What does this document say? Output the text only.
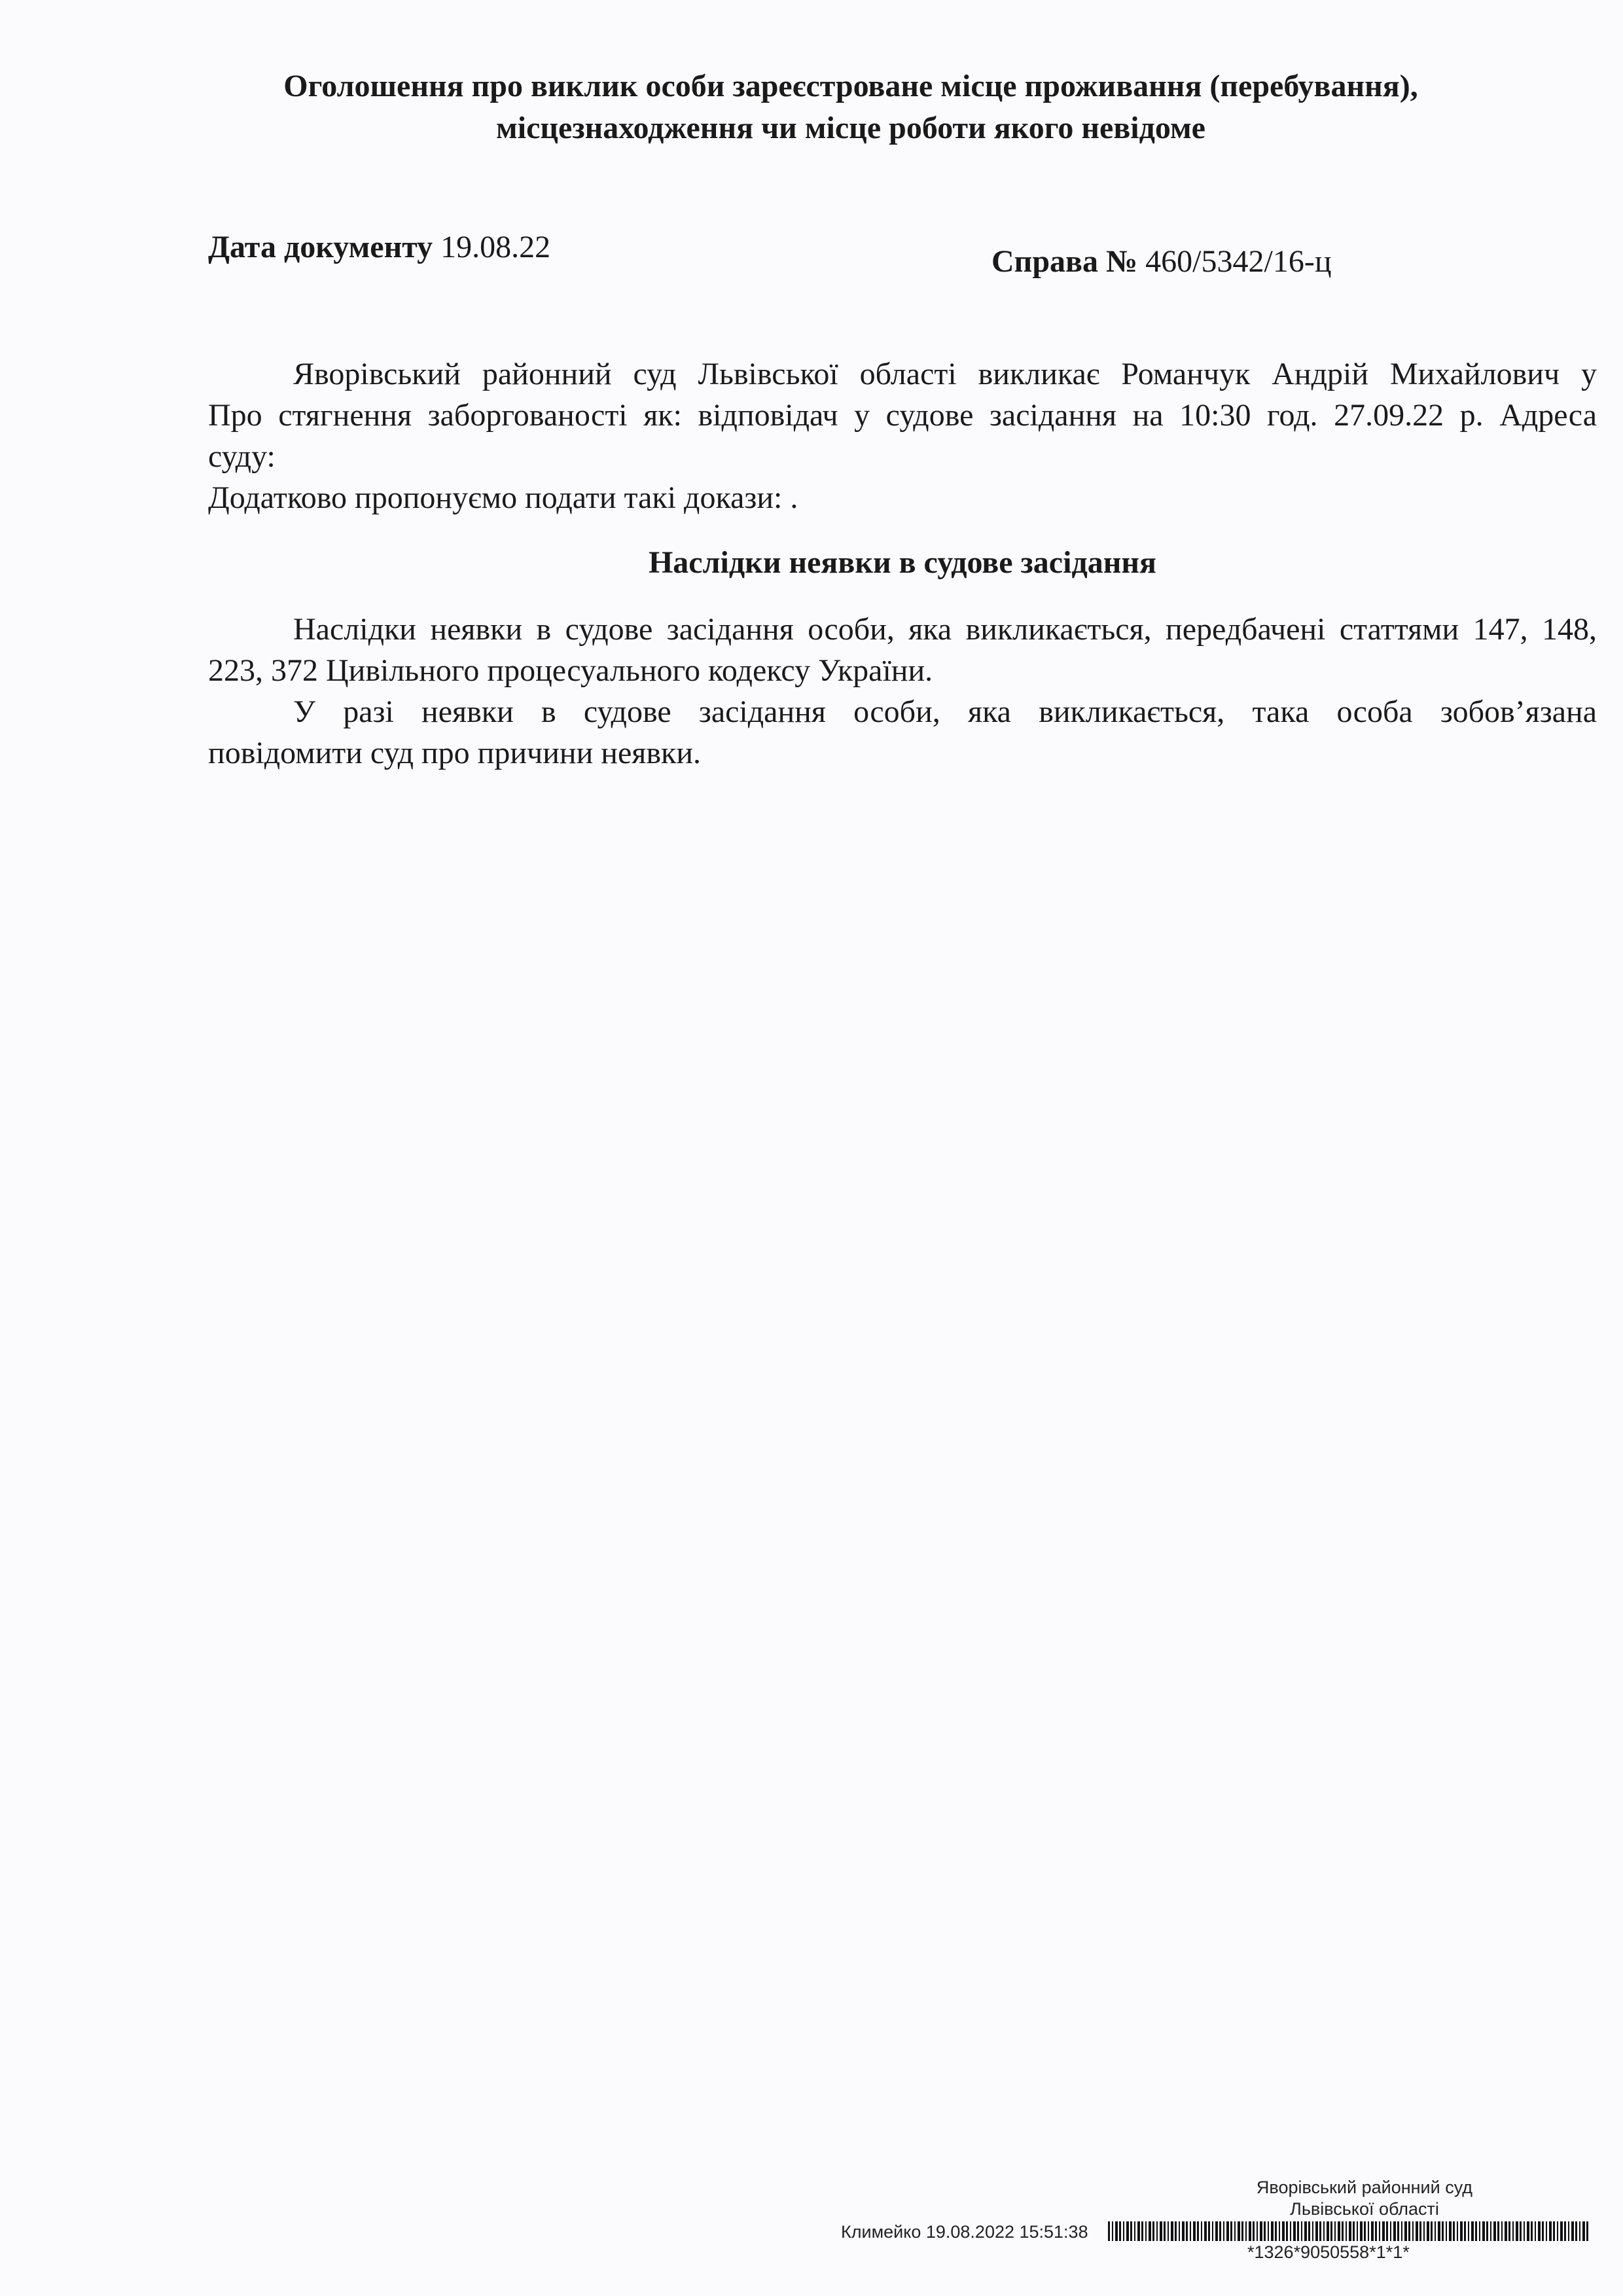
Оголошення про виклик особи зареєстроване місце проживання (перебування),
місцезнаходження чи місце роботи якого невідоме
Дата документу 19.08.22	Справа № 460/5342/16-ц
Яворівський районний суд Львівської області викликає Романчук Андрій Михайлович у
Про стягнення заборгованості як: відповідач у судове засідання на 10:30 год. 27.09.22 р. Адреса
суду:
Додатково пропонуємо подати такі докази: .
Наслідки неявки в судове засідання
Наслідки неявки в судове засідання особи, яка викликається, передбачені статтями 147, 148,
223, 372 Цивільного процесуального кодексу України.
У разі неявки в судове засідання особи, яка викликається, така особа зобов’язана
повідомити суд про причини неявки.
Яворівський районний суд
Львівської області
Климейко 19.08.2022 15:51:38
*1326*9050558*1*1*
